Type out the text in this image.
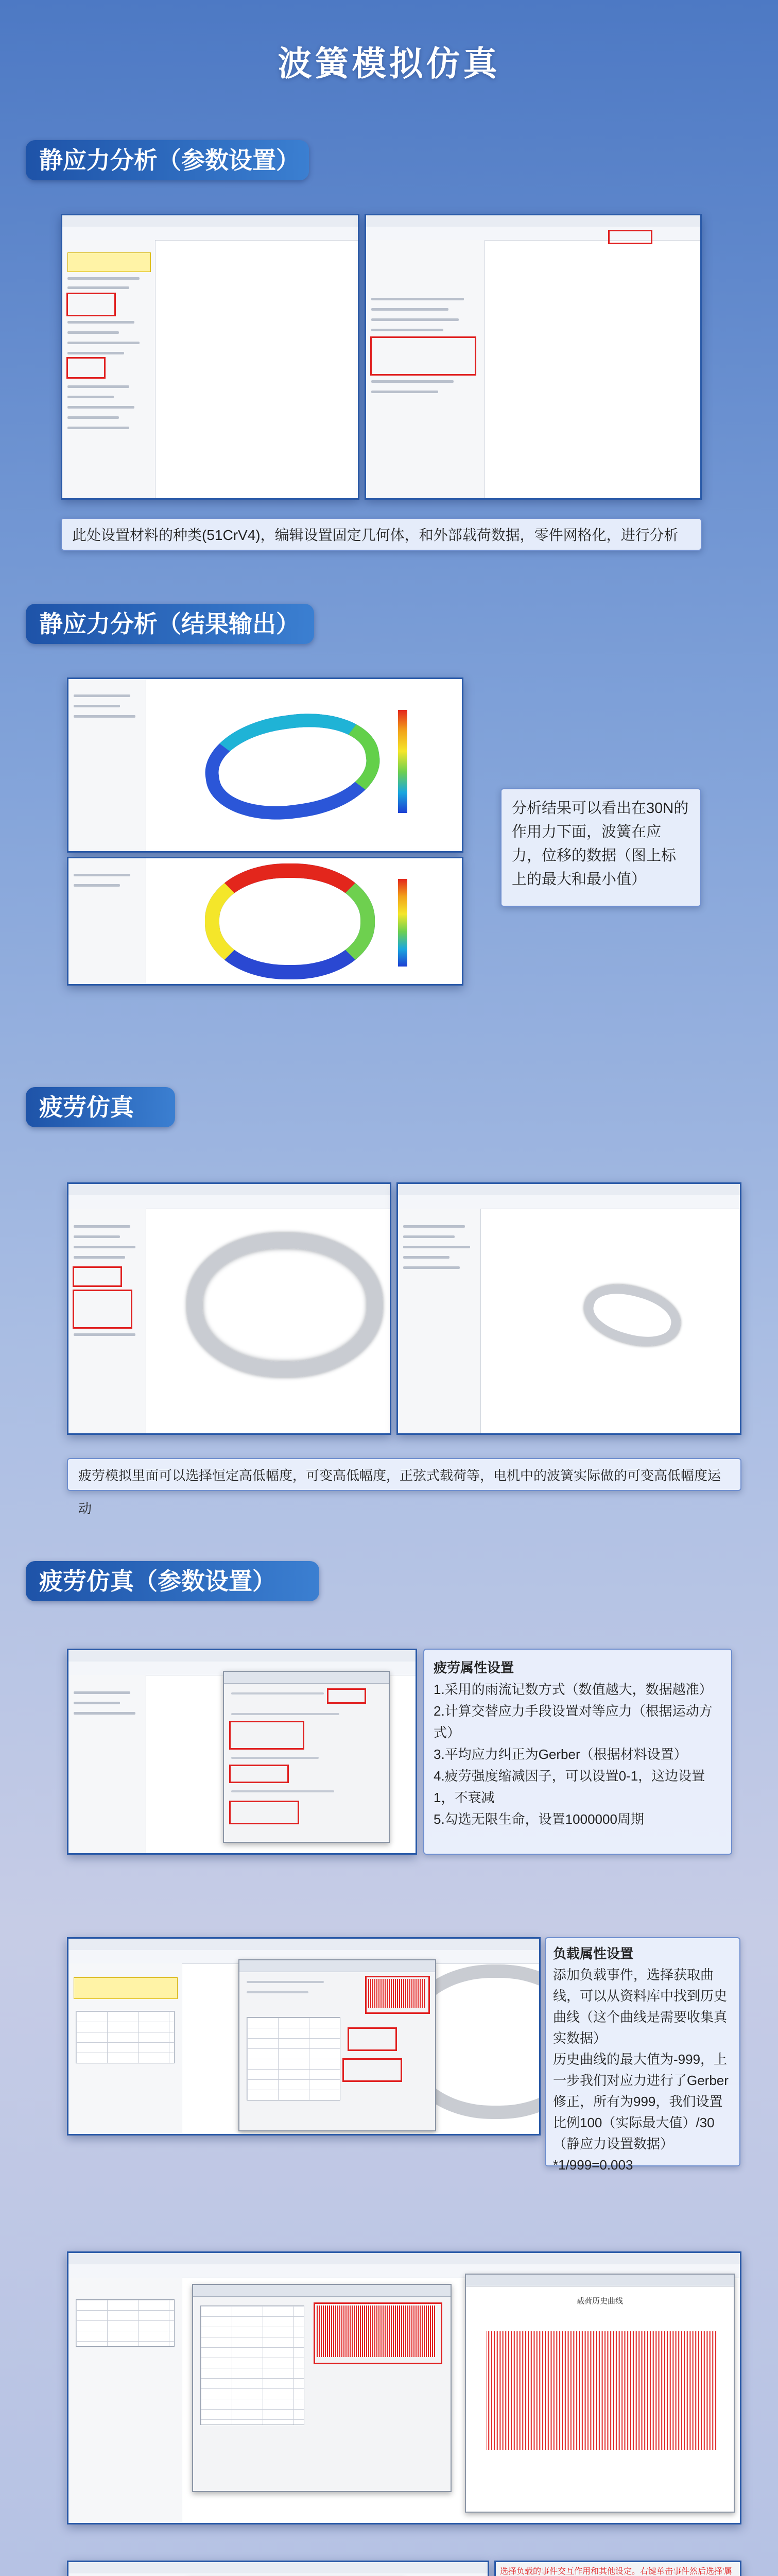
波簧模拟仿真
静应力分析（参数设置）
此处设置材料的种类(51CrV4)，编辑设置固定几何体，和外部载荷数据，零件网格化，进行分析
静应力分析（结果输出）
分析结果可以看出在30N的作用力下面，波簧在应力，位移的数据（图上标上的最大和最小值）
疲劳仿真
疲劳模拟里面可以选择恒定高低幅度，可变高低幅度，正弦式载荷等，电机中的波簧实际做的可变高低幅度运动
疲劳仿真（参数设置）

疲劳属性设置
1.采用的雨流记数方式（数值越大，数据越准）
2.计算交替应力手段设置对等应力（根据运动方式）
3.平均应力纠正为Gerber（根据材料设置）
4.疲劳强度缩减因子，可以设置0-1，这边设置1，不衰减
5.勾选无限生命，设置1000000周期

负载属性设置
添加负载事件，选择获取曲线，可以从资料库中找到历史曲线（这个曲线是需要收集真实数据）
历史曲线的最大值为-999，上一步我们对应力进行了Gerber修正，所有为999，我们设置比例100（实际最大值）/30（静应力设置数据）*1/999=0.003

载荷历史曲线

选择负载的事件交互作用和其他设定。右键单击事件然后选择'属
